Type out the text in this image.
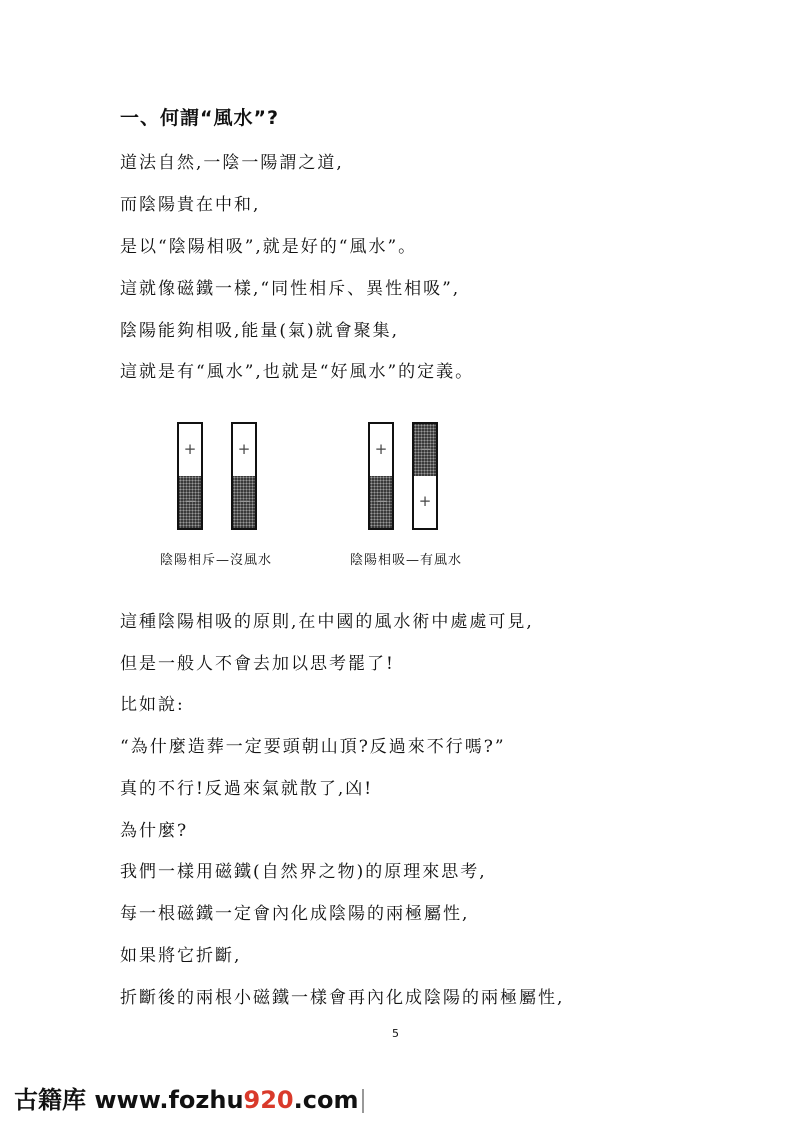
一、何謂“風水”?

道法自然,一陰一陽謂之道,

而陰陽貴在中和,

是以“陰陽相吸”,就是好的“風水”。

這就像磁鐵一樣,“同性相斥、異性相吸”,

陰陽能夠相吸,能量(氣)就會聚集,

這就是有“風水”,也就是“好風水”的定義。

+
−
+
−
+
−
−
+
陰陽相斥—沒風水	陰陽相吸—有風水

這種陰陽相吸的原則,在中國的風水術中處處可見,

但是一般人不會去加以思考罷了!

比如說:

“為什麼造葬一定要頭朝山頂?反過來不行嗎?”

真的不行!反過來氣就散了,凶!

為什麼?

我們一樣用磁鐵(自然界之物)的原理來思考,

每一根磁鐵一定會內化成陰陽的兩極屬性,

如果將它折斷,

折斷後的兩根小磁鐵一樣會再內化成陰陽的兩極屬性,

5
古籍库 www.fozhu920.com
